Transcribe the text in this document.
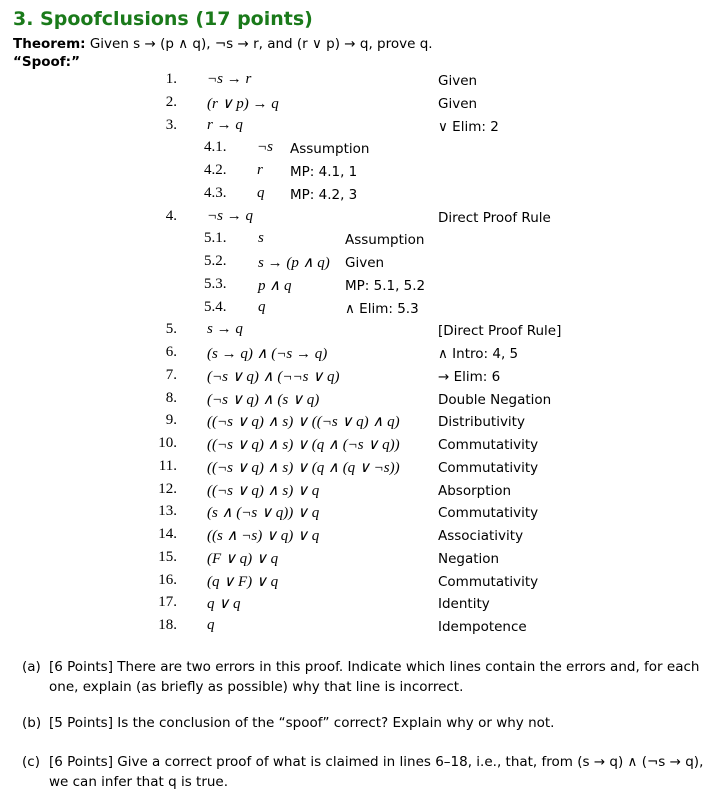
3. Spoofclusions (17 points)
Theorem: Given s → (p ∧ q), ¬s → r, and (r ∨ p) → q, prove q.
“Spoof:”
1. ¬s → r	Given
2. (r ∨ p) → q	Given
3. r → q	∨ Elim: 2
4.1. ¬s Assumption
4.2. r MP: 4.1, 1
4.3. q MP: 4.2, 3
4. ¬s → q	Direct Proof Rule
5.1. s	Assumption
5.2. s → (p ∧ q) Given
5.3. p ∧ q	MP: 5.1, 5.2
5.4. q	∧ Elim: 5.3
5. s → q	[Direct Proof Rule]
6. (s → q) ∧ (¬s → q)	∧ Intro: 4, 5
7. (¬s ∨ q) ∧ (¬¬s ∨ q)	→ Elim: 6
8. (¬s ∨ q) ∧ (s ∨ q)	Double Negation
9. ((¬s ∨ q) ∧ s) ∨ ((¬s ∨ q) ∧ q)	Distributivity
10. ((¬s ∨ q) ∧ s) ∨ (q ∧ (¬s ∨ q))	Commutativity
11. ((¬s ∨ q) ∧ s) ∨ (q ∧ (q ∨ ¬s))	Commutativity
12. ((¬s ∨ q) ∧ s) ∨ q	Absorption
13. (s ∧ (¬s ∨ q)) ∨ q	Commutativity
14. ((s ∧ ¬s) ∨ q) ∨ q	Associativity
15. (F ∨ q) ∨ q	Negation
16. (q ∨ F) ∨ q	Commutativity
17. q ∨ q	Identity
18. q	Idempotence
(a) [6 Points] There are two errors in this proof. Indicate which lines contain the errors and, for each one, explain (as briefly as possible) why that line is incorrect.
(b) [5 Points] Is the conclusion of the “spoof” correct? Explain why or why not.
(c) [6 Points] Give a correct proof of what is claimed in lines 6–18, i.e., that, from (s → q) ∧ (¬s → q), we can infer that q is true.
